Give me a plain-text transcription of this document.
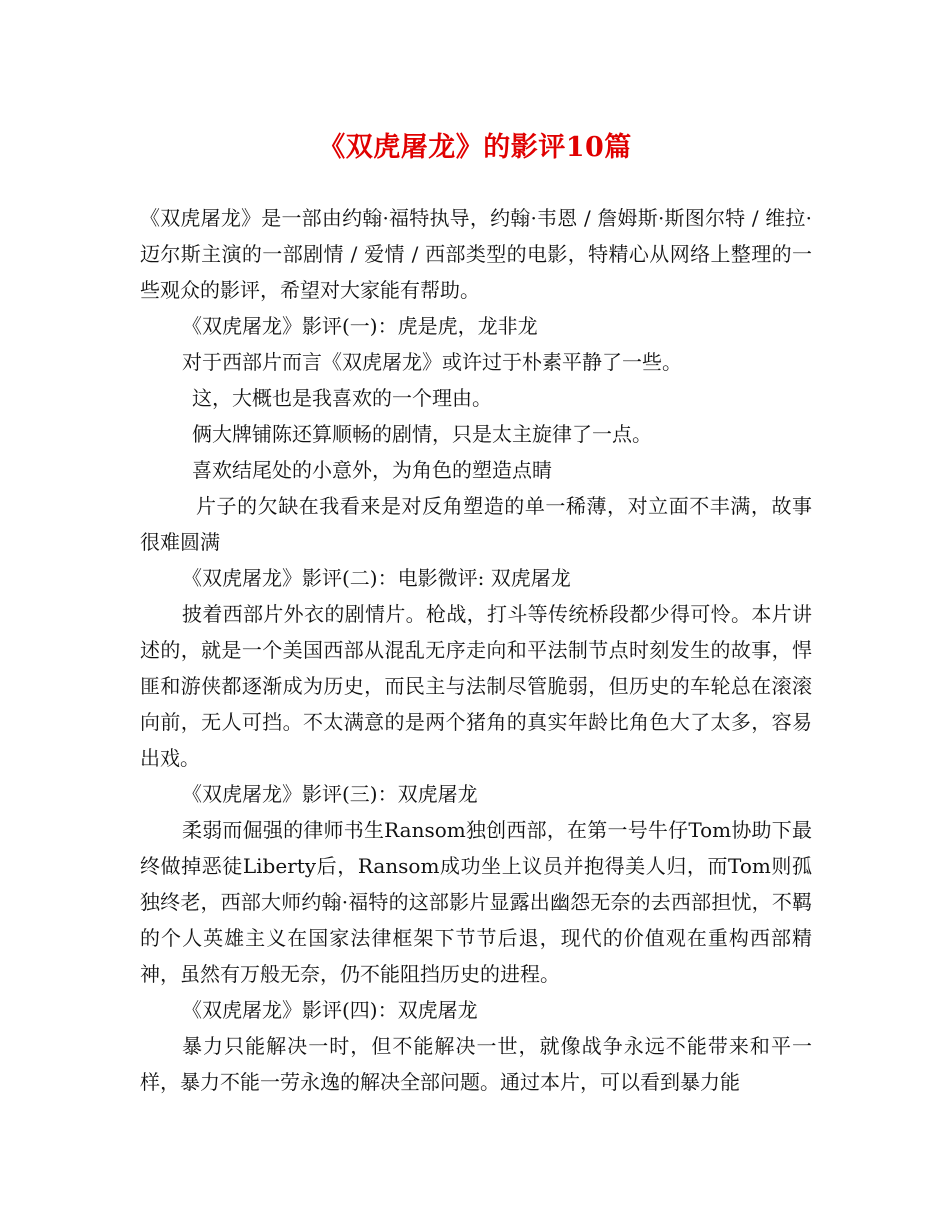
《双虎屠龙》的影评10篇

《双虎屠龙》是一部由约翰·福特执导，约翰·韦恩 / 詹姆斯·斯图尔特 / 维拉·迈尔斯主演的一部剧情 / 爱情 / 西部类型的电影，特精心从网络上整理的一些观众的影评，希望对大家能有帮助。

《双虎屠龙》影评(一)：虎是虎，龙非龙

对于西部片而言《双虎屠龙》或许过于朴素平静了一些。

这，大概也是我喜欢的一个理由。

俩大牌铺陈还算顺畅的剧情，只是太主旋律了一点。

喜欢结尾处的小意外，为角色的塑造点睛

片子的欠缺在我看来是对反角塑造的单一稀薄，对立面不丰满，故事很难圆满

《双虎屠龙》影评(二)：电影微评: 双虎屠龙

披着西部片外衣的剧情片。枪战，打斗等传统桥段都少得可怜。本片讲述的，就是一个美国西部从混乱无序走向和平法制节点时刻发生的故事，悍匪和游侠都逐渐成为历史，而民主与法制尽管脆弱，但历史的车轮总在滚滚向前，无人可挡。不太满意的是两个猪角的真实年龄比角色大了太多，容易出戏。

《双虎屠龙》影评(三)：双虎屠龙

柔弱而倔强的律师书生Ransom独创西部，在第一号牛仔Tom协助下最终做掉恶徒Liberty后，Ransom成功坐上议员并抱得美人归，而Tom则孤独终老，西部大师约翰·福特的这部影片显露出幽怨无奈的去西部担忧，不羁的个人英雄主义在国家法律框架下节节后退，现代的价值观在重构西部精神，虽然有万般无奈，仍不能阻挡历史的进程。

《双虎屠龙》影评(四)：双虎屠龙

暴力只能解决一时，但不能解决一世，就像战争永远不能带来和平一样，暴力不能一劳永逸的解决全部问题。通过本片，可以看到暴力能
